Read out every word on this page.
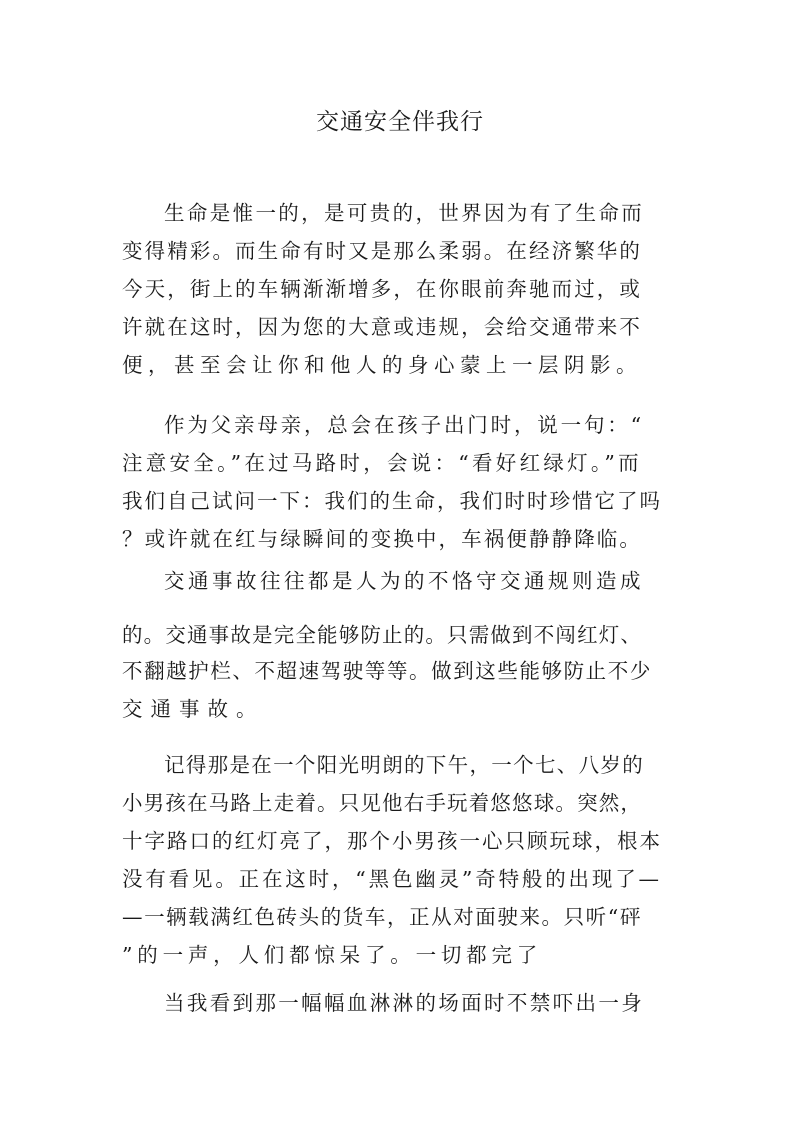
交通安全伴我行
生命是惟一的，是可贵的，世界因为有了生命而
变得精彩。而生命有时又是那么柔弱。在经济繁华的
今天，街上的车辆渐渐增多，在你眼前奔驰而过，或
许就在这时，因为您的大意或违规，会给交通带来不
便，甚至会让你和他人的身心蒙上一层阴影。
作为父亲母亲，总会在孩子出门时，说一句：“
注意安全。”在过马路时，会说：“看好红绿灯。”而
我们自己试问一下：我们的生命，我们时时珍惜它了吗
？或许就在红与绿瞬间的变换中，车祸便静静降临。
交通事故往往都是人为的不恪守交通规则造成
的。交通事故是完全能够防止的。只需做到不闯红灯、
不翻越护栏、不超速驾驶等等。做到这些能够防止不少
交通事故。
记得那是在一个阳光明朗的下午，一个七、八岁的
小男孩在马路上走着。只见他右手玩着悠悠球。突然，
十字路口的红灯亮了，那个小男孩一心只顾玩球，根本
没有看见。正在这时，“黑色幽灵”奇特般的出现了—
—一辆载满红色砖头的货车，正从对面驶来。只听“砰
”的一声，人们都惊呆了。一切都完了
当我看到那一幅幅血淋淋的场面时不禁吓出一身
